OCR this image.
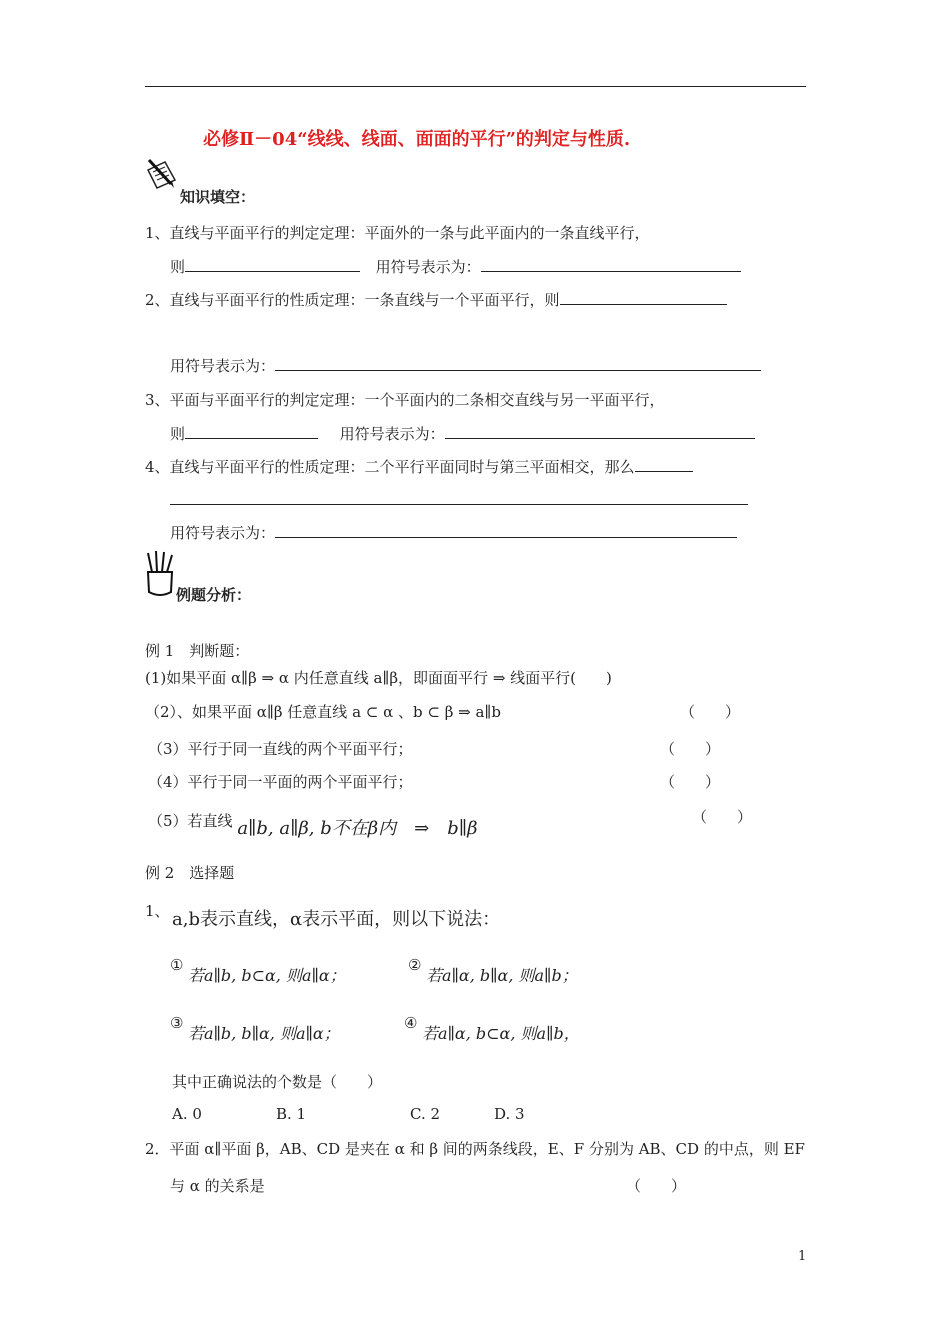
必修Ⅱ－04“线线、线面、面面的平行”的判定与性质.
知识填空：
1、直线与平面平行的判定定理：平面外的一条与此平面内的一条直线平行，
则	用符号表示为：
2、直线与平面平行的性质定理：一条直线与一个平面平行，则
用符号表示为：
3、平面与平面平行的判定定理：一个平面内的二条相交直线与另一平面平行，
则	用符号表示为：
4、直线与平面平行的性质定理：二个平行平面同时与第三平面相交，那么
用符号表示为：
例题分析：
例 1　判断题：
(1)如果平面 α∥β ⇒ α 内任意直线 a∥β，即面面平行 ⇒ 线面平行(　　)
（2）、如果平面 α∥β 任意直线 a ⊂ α 、b ⊂ β ⇒ a∥b	（　　）
（3）平行于同一直线的两个平面平行；	（　　）
（4）平行于同一平面的两个平面平行；	（　　）
（5）若直线 a∥b, a∥β, b不在β内　⇒　b∥β
（　　）
例 2　选择题
1、 a,b表示直线，α表示平面，则以下说法：
①
若a∥b, b⊂α, 则a∥α；
②
若a∥α, b∥α, 则a∥b；
③
若a∥b, b∥α, 则a∥α；
④
若a∥α, b⊂α, 则a∥b，
其中正确说法的个数是（　　）
A. 0	B. 1	C. 2	D. 3
2．平面 α∥平面 β，AB、CD 是夹在 α 和 β 间的两条线段，E、F 分别为 AB、CD 的中点，则 EF
与 α 的关系是	（　　）
1
